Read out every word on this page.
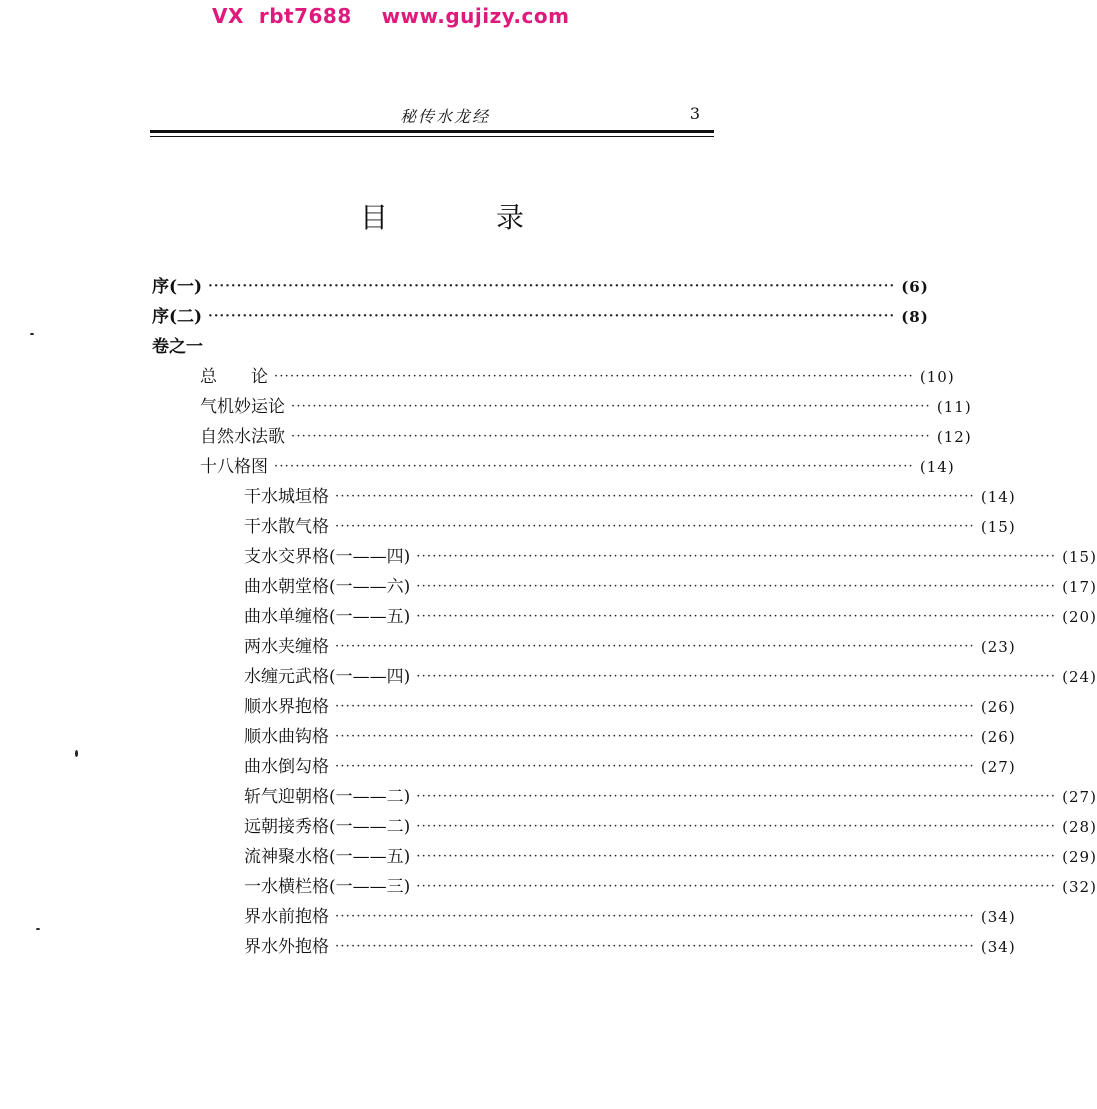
VX  rbt7688    www.gujizy.com
秘传水龙经	3
目　录
序(一) ························································································································ (6)
序(二) ························································································································ (8)
卷之一
总　　论 ························································································································ (10)
气机妙运论 ························································································································ (11)
自然水法歌 ························································································································ (12)
十八格图 ························································································································ (14)
干水城垣格 ························································································································ (14)
干水散气格 ························································································································ (15)
支水交界格(一——四) ························································································································ (15)
曲水朝堂格(一——六) ························································································································ (17)
曲水单缠格(一——五) ························································································································ (20)
两水夹缠格 ························································································································ (23)
水缠元武格(一——四) ························································································································ (24)
顺水界抱格 ························································································································ (26)
顺水曲钩格 ························································································································ (26)
曲水倒勾格 ························································································································ (27)
斩气迎朝格(一——二) ························································································································ (27)
远朝接秀格(一——二) ························································································································ (28)
流神聚水格(一——五) ························································································································ (29)
一水横栏格(一——三) ························································································································ (32)
界水前抱格 ························································································································ (34)
界水外抱格 ························································································································ (34)
